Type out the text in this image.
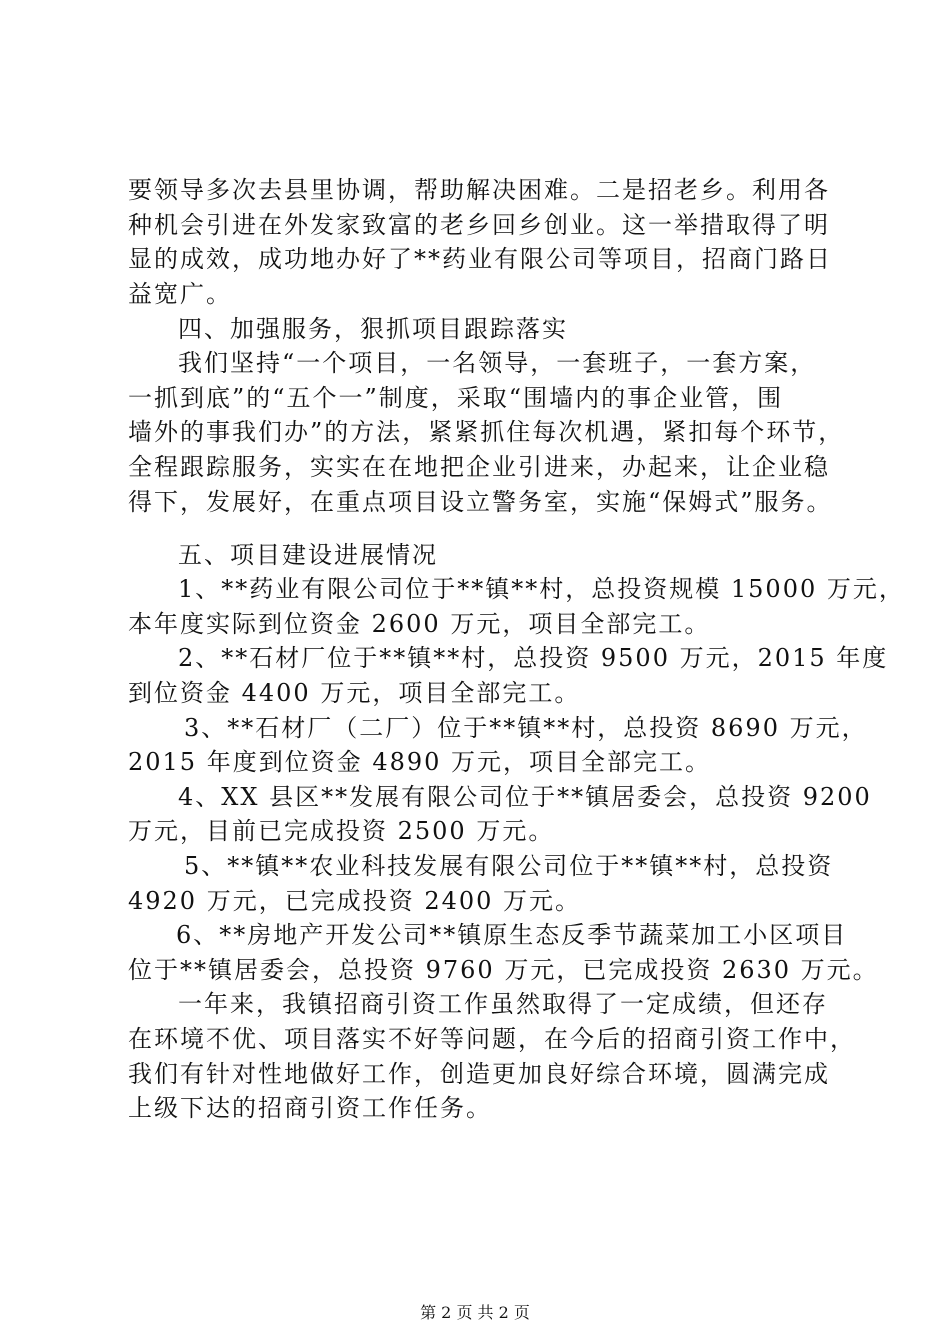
要领导多次去县里协调，帮助解决困难。二是招老乡。利用各
种机会引进在外发家致富的老乡回乡创业。这一举措取得了明
显的成效，成功地办好了**药业有限公司等项目，招商门路日
益宽广。
四、加强服务，狠抓项目跟踪落实
我们坚持“一个项目，一名领导，一套班子，一套方案，
一抓到底”的“五个一”制度，采取“围墙内的事企业管，围
墙外的事我们办”的方法，紧紧抓住每次机遇，紧扣每个环节，
全程跟踪服务，实实在在地把企业引进来，办起来，让企业稳
得下，发展好，在重点项目设立警务室，实施“保姆式”服务。
五、项目建设进展情况
1、**药业有限公司位于**镇**村，总投资规模 15000 万元，
本年度实际到位资金 2600 万元，项目全部完工。
2、**石材厂位于**镇**村，总投资 9500 万元，2015 年度
到位资金 4400 万元，项目全部完工。
3、**石材厂（二厂）位于**镇**村，总投资 8690 万元，
2015 年度到位资金 4890 万元，项目全部完工。
4、XX 县区**发展有限公司位于**镇居委会，总投资 9200
万元，目前已完成投资 2500 万元。
5、**镇**农业科技发展有限公司位于**镇**村，总投资
4920 万元，已完成投资 2400 万元。
6、**房地产开发公司**镇原生态反季节蔬菜加工小区项目
位于**镇居委会，总投资 9760 万元，已完成投资 2630 万元。
一年来，我镇招商引资工作虽然取得了一定成绩，但还存
在环境不优、项目落实不好等问题，在今后的招商引资工作中，
我们有针对性地做好工作，创造更加良好综合环境，圆满完成
上级下达的招商引资工作任务。
第 2 页 共 2 页
